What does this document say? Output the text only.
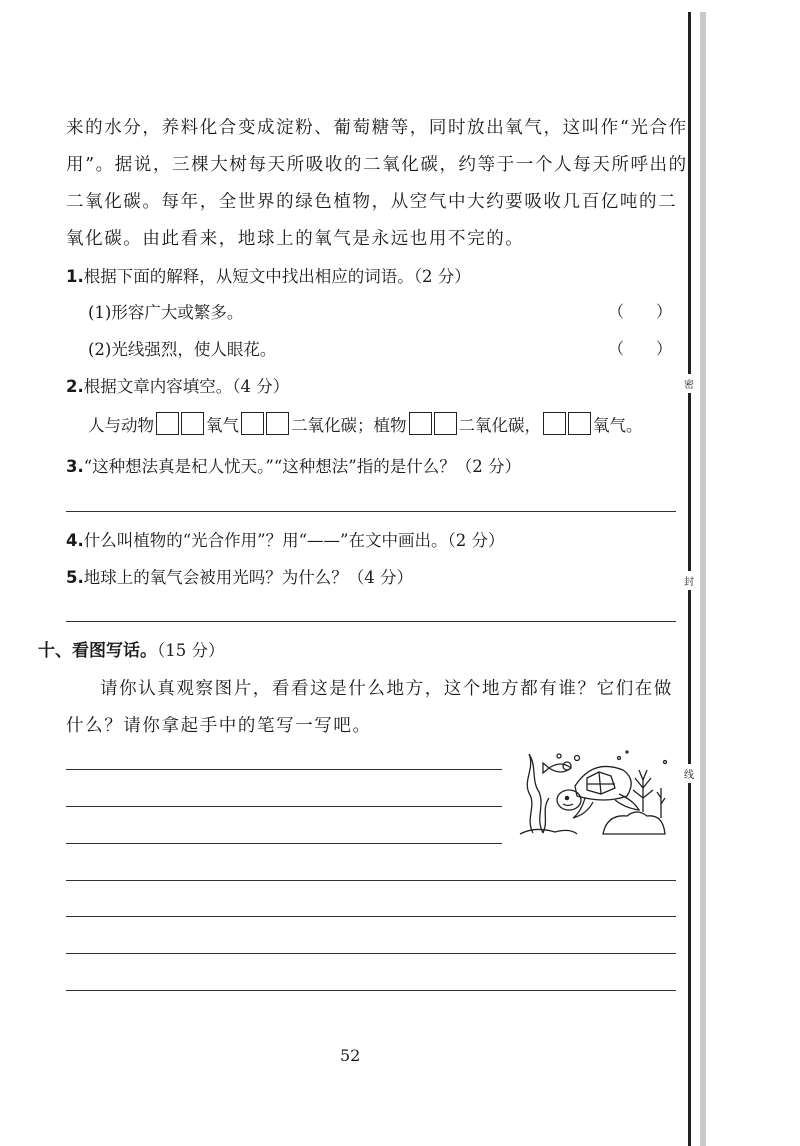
密
封
线
来的水分，养料化合变成淀粉、葡萄糖等，同时放出氧气，这叫作“光合作
用”。据说，三棵大树每天所吸收的二氧化碳，约等于一个人每天所呼出的
二氧化碳。每年，全世界的绿色植物，从空气中大约要吸收几百亿吨的二
氧化碳。由此看来，地球上的氧气是永远也用不完的。
1.根据下面的解释，从短文中找出相应的词语。（2 分）
(1)形容广大或繁多。	（　　）
(2)光线强烈，使人眼花。	（　　）
2.根据文章内容填空。（4 分）
人与动物	氧气	二氧化碳；植物	二氧化碳，	氧气。
3.“这种想法真是杞人忧天。”“这种想法”指的是什么？（2 分）
4.什么叫植物的“光合作用”？用“——”在文中画出。（2 分）
5.地球上的氧气会被用光吗？为什么？（4 分）
十、看图写话。（15 分）
请你认真观察图片，看看这是什么地方，这个地方都有谁？它们在做
什么？请你拿起手中的笔写一写吧。
52
